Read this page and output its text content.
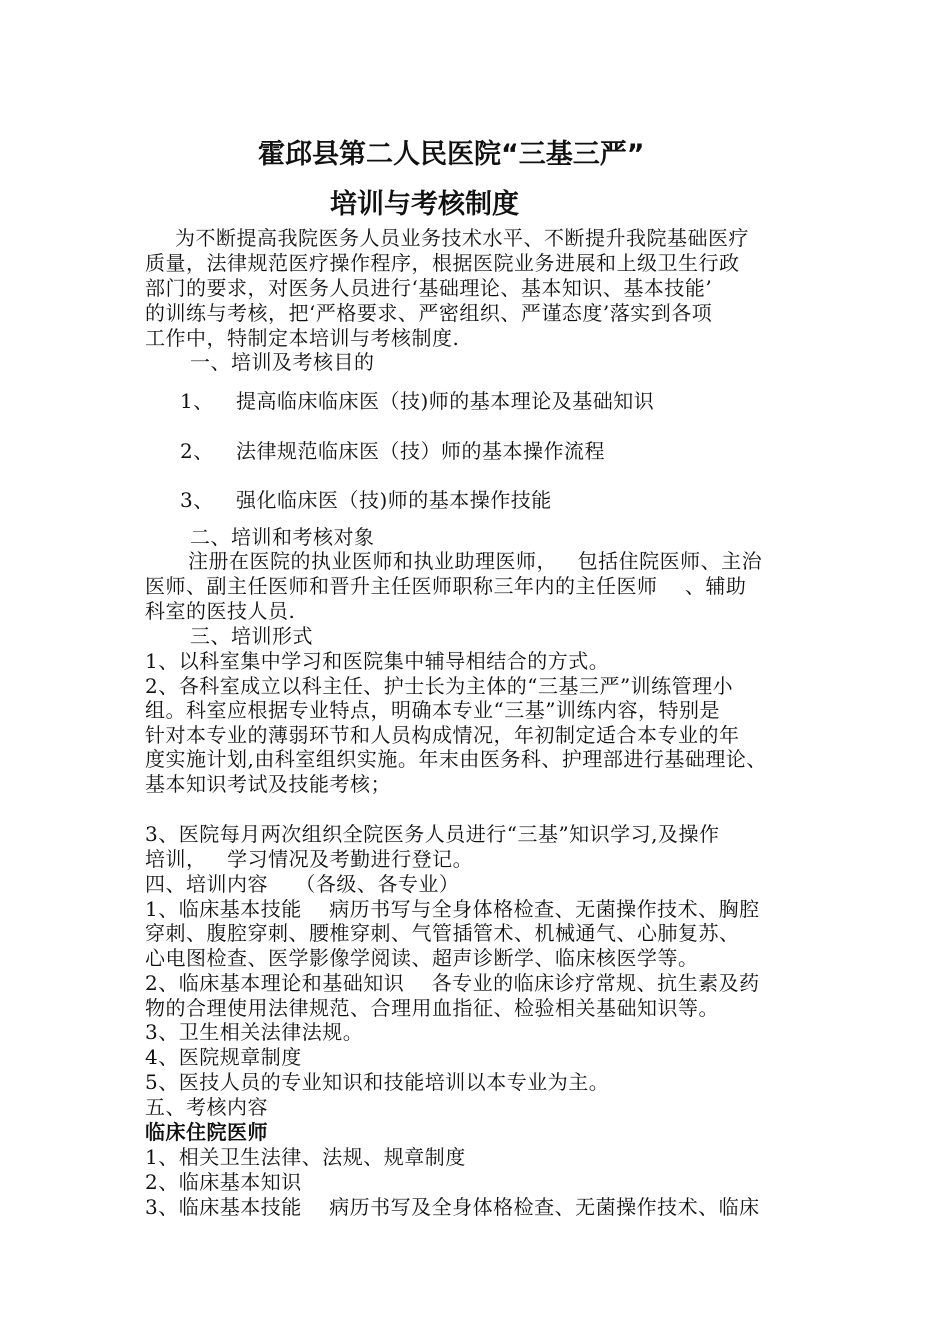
霍邱县第二人民医院“三基三严”
培训与考核制度
为不断提高我院医务人员业务技术水平、不断提升我院基础医疗
质量，法律规范医疗操作程序，根据医院业务进展和上级卫生行政
部门的要求，对医务人员进行‘基础理论、基本知识、基本技能’
的训练与考核，把‘严格要求、严密组织、严谨态度’落实到各项
工作中，特制定本培训与考核制度.
一、培训及考核目的
1、 提高临床临床医（技)师的基本理论及基础知识
2、 法律规范临床医（技）师的基本操作流程
3、 强化临床医（技)师的基本操作技能
二、培训和考核对象
注册在医院的执业医师和执业助理医师，   包括住院医师、主治
医师、副主任医师和晋升主任医师职称三年内的主任医师    、辅助
科室的医技人员.
三、培训形式
1、以科室集中学习和医院集中辅导相结合的方式。
2、各科室成立以科主任、护士长为主体的“三基三严”训练管理小
组。科室应根据专业特点，明确本专业“三基”训练内容，特别是
针对本专业的薄弱环节和人员构成情况，年初制定适合本专业的年
度实施计划,由科室组织实施。年末由医务科、护理部进行基础理论、
基本知识考试及技能考核；
3、医院每月两次组织全院医务人员进行“三基”知识学习,及操作
培训，   学习情况及考勤进行登记。
四、培训内容    （各级、各专业）
1、临床基本技能    病历书写与全身体格检查、无菌操作技术、胸腔
穿刺、腹腔穿刺、腰椎穿刺、气管插管术、机械通气、心肺复苏、
心电图检查、医学影像学阅读、超声诊断学、临床核医学等。
2、临床基本理论和基础知识    各专业的临床诊疗常规、抗生素及药
物的合理使用法律规范、合理用血指征、检验相关基础知识等。
3、卫生相关法律法规。
4、医院规章制度
5、医技人员的专业知识和技能培训以本专业为主。
五、考核内容
临床住院医师
1、相关卫生法律、法规、规章制度
2、临床基本知识
3、临床基本技能    病历书写及全身体格检查、无菌操作技术、临床
